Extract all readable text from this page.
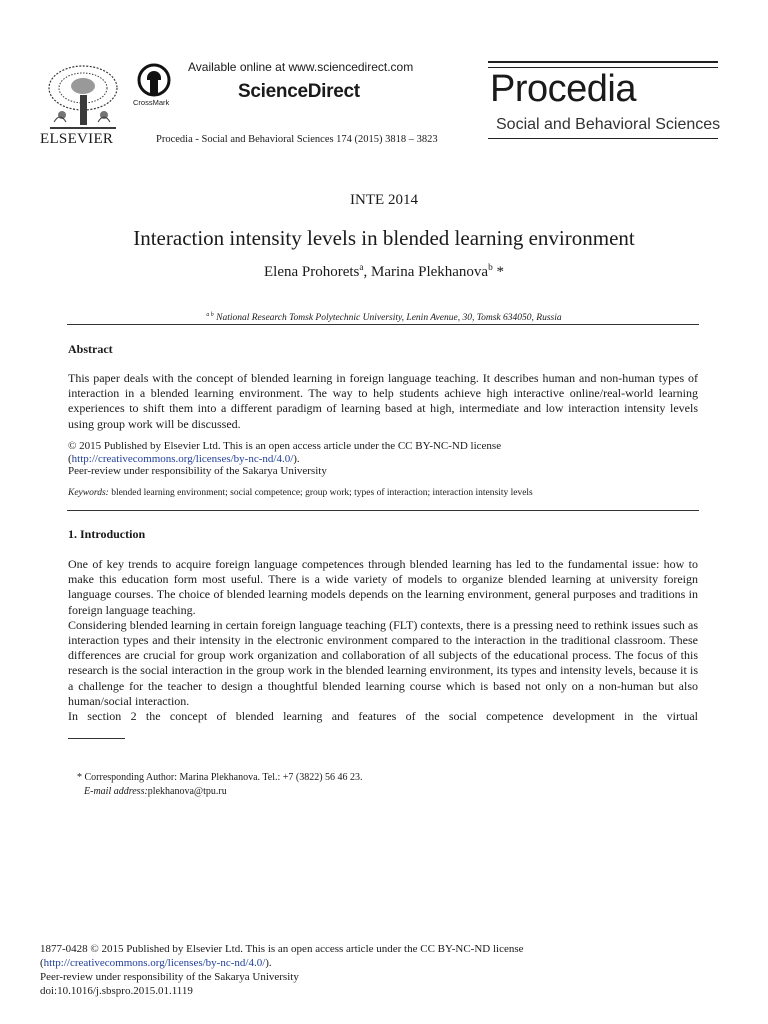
ELSEVIER
CrossMark
Available online at www.sciencedirect.com
ScienceDirect
Procedia - Social and Behavioral Sciences 174 (2015) 3818 – 3823
Procedia
Social and Behavioral Sciences
INTE 2014
Interaction intensity levels in blended learning environment
Elena Prohorets$^a$, Marina Plekhanova$^b$ *
$^{a b}$ National Research Tomsk Polytechnic University, Lenin Avenue, 30, Tomsk 634050, Russia
Abstract
This paper deals with the concept of blended learning in foreign language teaching. It describes human and non-human types of interaction in a blended learning environment. The way to help students achieve high interactive online/real-world learning experiences to shift them into a different paradigm of learning based at high, intermediate and low interaction intensity levels using group work will be discussed.
© 2015 Published by Elsevier Ltd. This is an open access article under the CC BY-NC-ND license
(http://creativecommons.org/licenses/by-nc-nd/4.0/).
Peer-review under responsibility of the Sakarya University
Keywords: blended learning environment; social competence; group work; types of interaction; interaction intensity levels
1. Introduction

One of key trends to acquire foreign language competences through blended learning has led to the fundamental issue: how to make this education form most useful. There is a wide variety of models to organize blended learning at university foreign language courses. The choice of blended learning models depends on the learning environment, general purposes and traditions in foreign language teaching.

Considering blended learning in certain foreign language teaching (FLT) contexts, there is a pressing need to rethink issues such as interaction types and their intensity in the electronic environment compared to the interaction in the traditional classroom. These differences are crucial for group work organization and collaboration of all subjects of the educational process. The focus of this research is the social interaction in the group work in the blended learning environment, its types and intensity levels, because it is a challenge for the teacher to design a thoughtful blended learning course which is based not only on a non-human but also human/social interaction.

In section 2 the concept of blended learning and features of the social competence development in the virtual

* Corresponding Author: Marina Plekhanova. Tel.: +7 (3822) 56 46 23.
E-mail address:plekhanova@tpu.ru
1877-0428 © 2015 Published by Elsevier Ltd. This is an open access article under the CC BY-NC-ND license
(http://creativecommons.org/licenses/by-nc-nd/4.0/).
Peer-review under responsibility of the Sakarya University
doi:10.1016/j.sbspro.2015.01.1119
